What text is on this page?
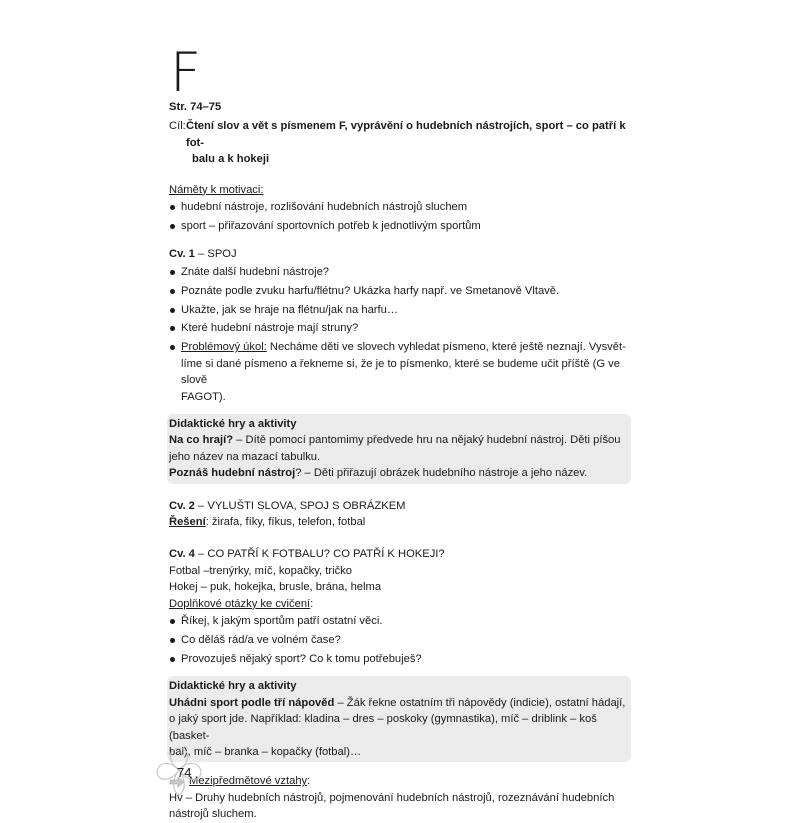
F
Str. 74–75
Cíl: Čtení slov a vět s písmenem F, vyprávění o hudebních nástrojích, sport – co patří k fot-
balu a k hokeji
Náměty k motivaci:
hudební nástroje, rozlišování hudebních nástrojů sluchem
sport – přiřazování sportovních potřeb k jednotlivým sportům
Cv. 1 – SPOJ
Znáte další hudební nástroje?
Poznáte podle zvuku harfu/flétnu? Ukázka harfy např. ve Smetanově Vltavě.
Ukažte, jak se hraje na flétnu/jak na harfu…
Které hudební nástroje mají struny?
Problémový úkol: Necháme děti ve slovech vyhledat písmeno, které ještě neznají. Vysvět-
líme si dané písmeno a řekneme si, že je to písmenko, které se budeme učit příště (G ve slově
FAGOT).

Didaktické hry a aktivity

Na co hrají? – Dítě pomocí pantomimy předvede hru na nějaký hudební nástroj. Děti píšou
jeho název na mazací tabulku.

Poznáš hudební nástroj? – Děti přiřazují obrázek hudebního nástroje a jeho název.

Cv. 2 – VYLUŠTI SLOVA, SPOJ S OBRÁZKEM
Řešení: žirafa, fíky, fíkus, telefon, fotbal
Cv. 4 – CO PATŘÍ K FOTBALU? CO PATŘÍ K HOKEJI?
Fotbal –trenýrky, míč, kopačky, tričko
Hokej – puk, hokejka, brusle, brána, helma
Doplňkové otázky ke cvičení:
Říkej, k jakým sportům patří ostatní věci.
Co děláš rád/a ve volném čase?
Provozuješ nějaký sport? Co k tomu potřebuješ?

Didaktické hry a aktivity

Uhádni sport podle tří nápověd – Žák řekne ostatním tři nápovědy (indicie), ostatní hádají,
o jaký sport jde. Například: kladina – dres – poskoky (gymnastika), míč – driblink – koš (basket-
bal), míč – branka – kopačky (fotbal)…

Mezipředmětové vztahy :
Hv – Druhy hudebních nástrojů, pojmenování hudebních nástrojů, rozeznávání hudebních
nástrojů sluchem.
74
